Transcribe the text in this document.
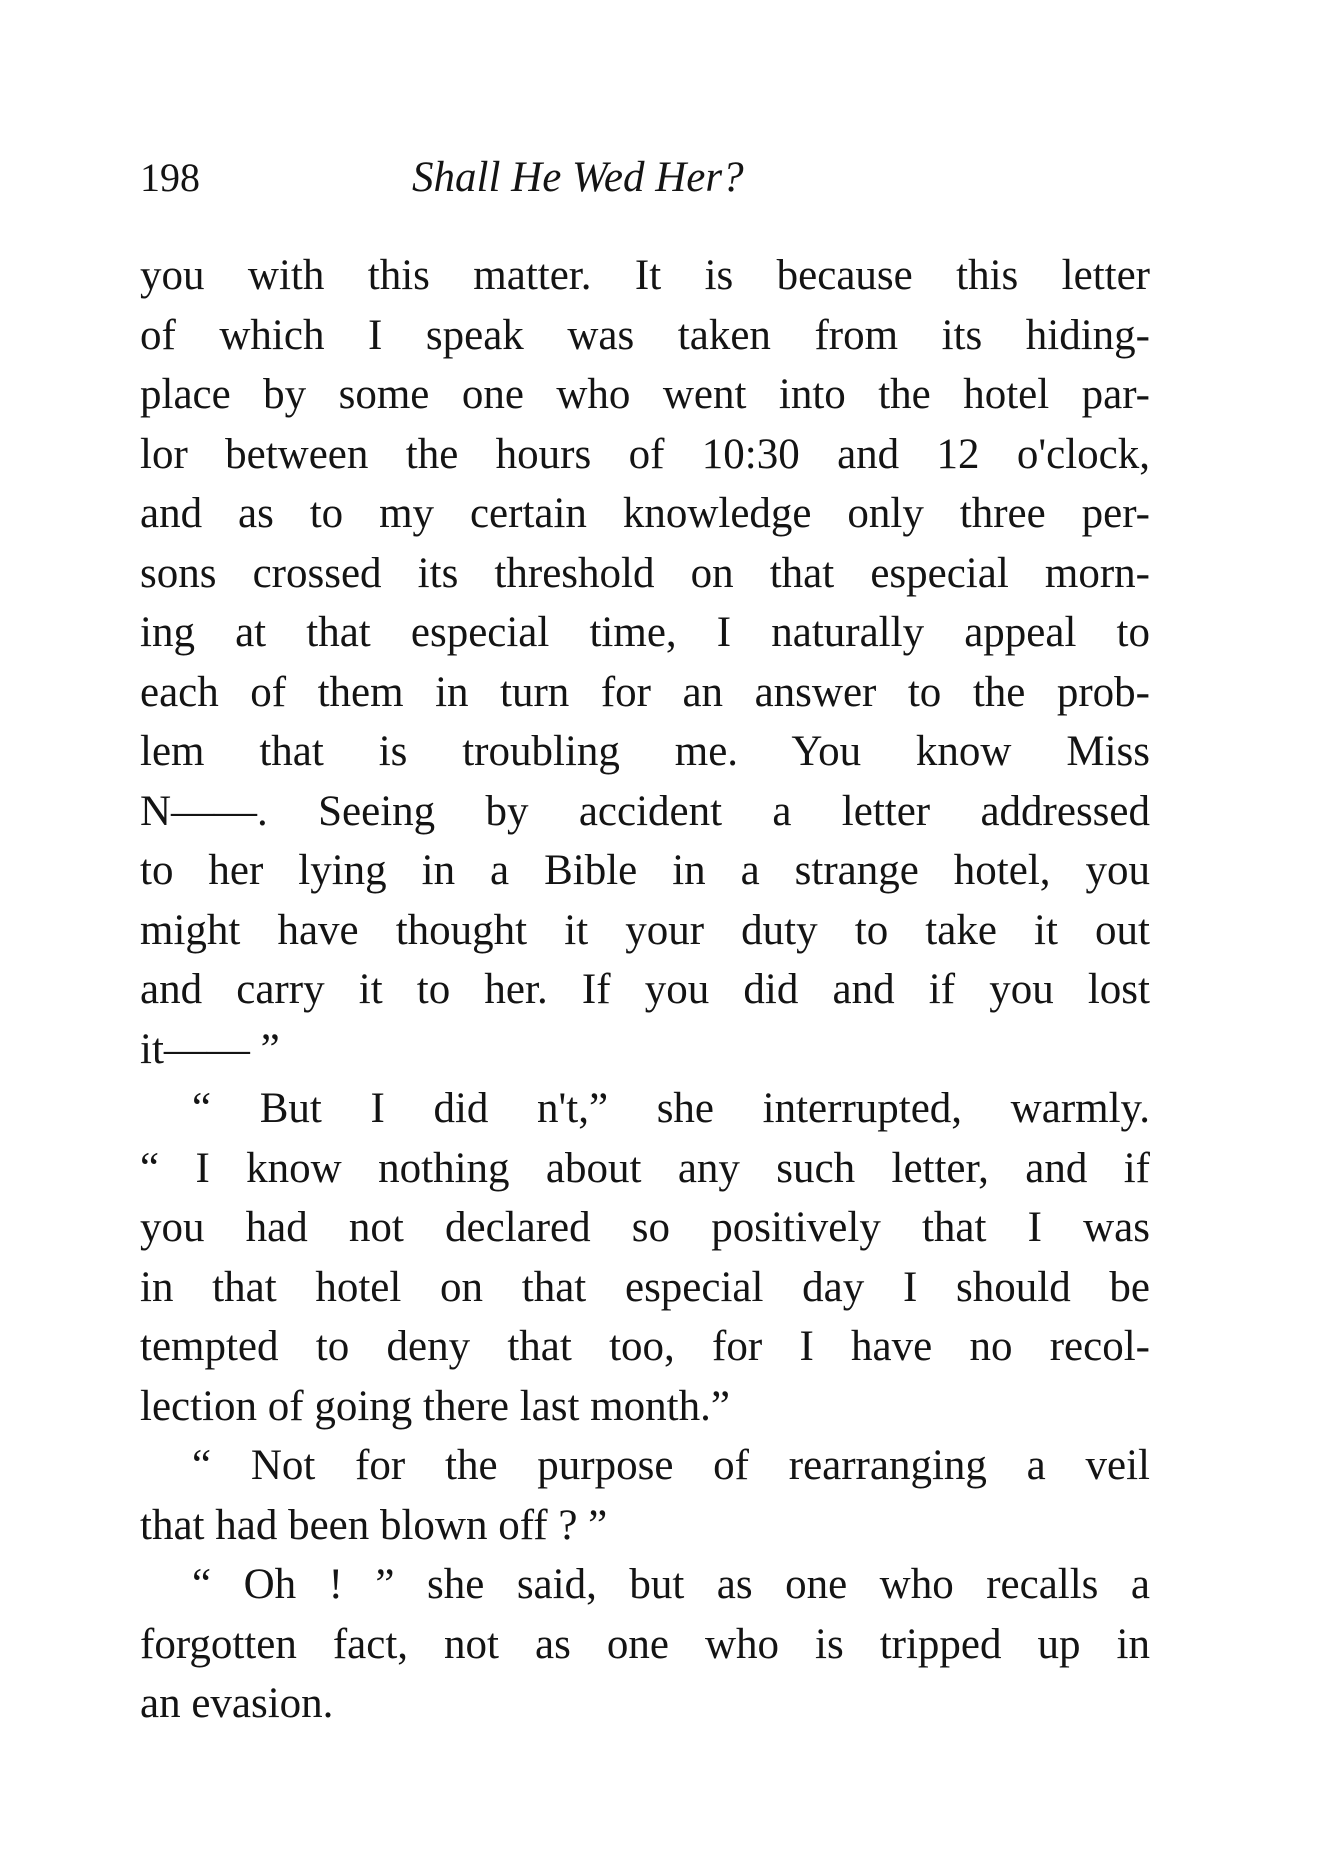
198	Shall He Wed Her?
you with this matter. It is because this letter
of which I speak was taken from its hiding-
place by some one who went into the hotel par-
lor between the hours of 10:30 and 12 o'clock,
and as to my certain knowledge only three per-
sons crossed its threshold on that especial morn-
ing at that especial time, I naturally appeal to
each of them in turn for an answer to the prob-
lem that is troubling me. You know Miss
N——. Seeing by accident a letter addressed
to her lying in a Bible in a strange hotel, you
might have thought it your duty to take it out
and carry it to her. If you did and if you lost
it—— ”
“ But I did n't,” she interrupted, warmly.
“ I know nothing about any such letter, and if
you had not declared so positively that I was
in that hotel on that especial day I should be
tempted to deny that too, for I have no recol-
lection of going there last month.”
“ Not for the purpose of rearranging a veil
that had been blown off ? ”
“ Oh ! ” she said, but as one who recalls a
forgotten fact, not as one who is tripped up in
an evasion.
